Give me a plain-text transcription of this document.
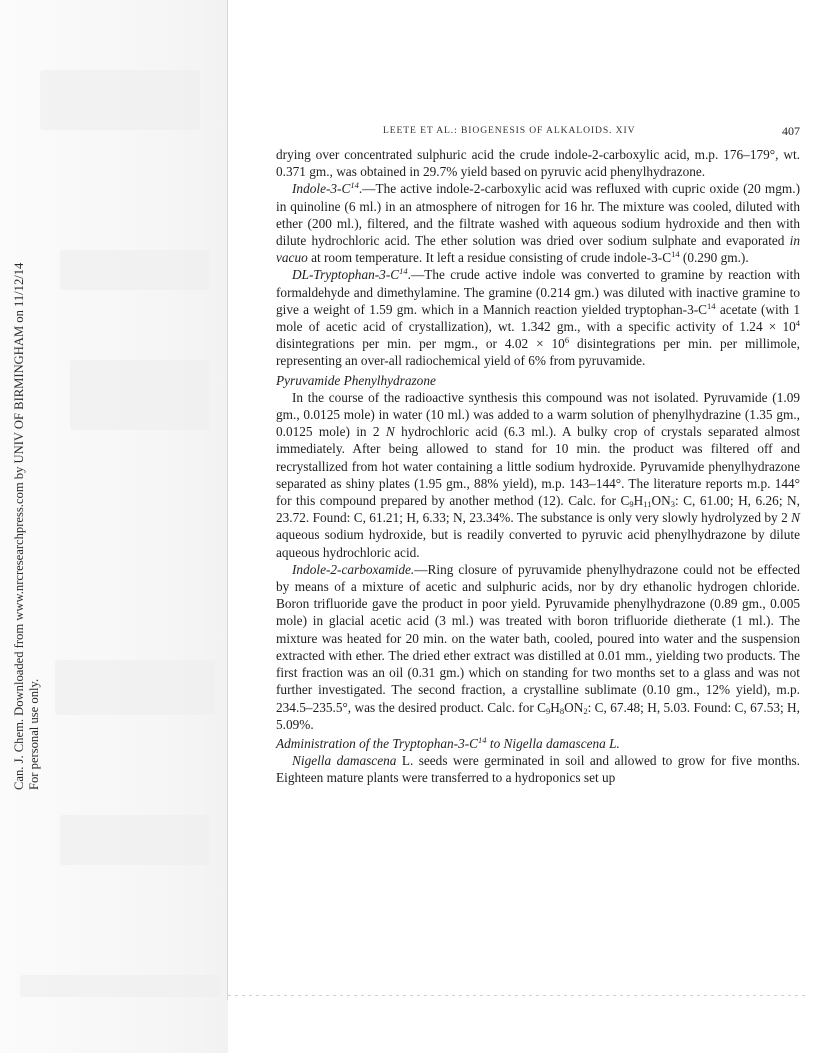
Can. J. Chem. Downloaded from www.nrcresearchpress.com by UNIV OF BIRMINGHAM on 11/12/14 For personal use only.
LEETE ET AL.: BIOGENESIS OF ALKALOIDS. XIV	407

drying over concentrated sulphuric acid the crude indole-2-carboxylic acid, m.p. 176–179°, wt. 0.371 gm., was obtained in 29.7% yield based on pyruvic acid phenylhydrazone.

Indole-$3-C^{14}.—The$ active indole-2-carboxylic acid was refluxed with cupric oxide (20 mgm.) in quinoline (6 ml.) in an atmosphere of nitrogen for 16 hr. The mixture was cooled, diluted with ether (200 ml.), filtered, and the filtrate washed with aqueous sodium hydroxide and then with dilute hydrochloric acid. The ether solution was dried over sodium sulphate and evaporated in vacuo at room temperature. It left a residue consisting of crude indole-$3-C^{14}$ (0.290 gm.).

$DL-Tryptophan-3-C^{14}.—The$ crude active indole was converted to gramine by reaction with formaldehyde and dimethylamine. The gramine (0.214 gm.) was diluted with inactive gramine to give a weight of 1.59 gm. which in a Mannich reaction yielded tryptophan-$3-C^{14}$ acetate (with 1 mole of acetic acid of crystallization), wt. 1.342 gm., with a specific activity of $1.24 \times 10^4$ disintegrations per min. per mgm., or $4.02 \times 10^6$ disintegrations per min. per millimole, representing an over-all radiochemical yield of 6% from pyruvamide.

Pyruvamide Phenylhydrazone

In the course of the radioactive synthesis this compound was not isolated. Pyruvamide (1.09 gm., 0.0125 mole) in water (10 ml.) was added to a warm solution of phenylhydrazine (1.35 gm., 0.0125 mole) in 2 N hydrochloric acid (6.3 ml.). A bulky crop of crystals separated almost immediately. After being allowed to stand for 10 min. the product was filtered off and recrystallized from hot water containing a little sodium hydroxide. Pyruvamide phenylhydrazone separated as shiny plates (1.95 gm., 88% yield), m.p. 143–144°. The literature reports m.p. 144° for this compound prepared by another method (12). Calc. for $C_9H_{11}ON_3$: C, 61.00; H, 6.26; N, 23.72. Found: C, 61.21; H, 6.33; N, 23.34%. The substance is only very slowly hydrolyzed by 2 N aqueous sodium hydroxide, but is readily converted to pyruvic acid phenylhydrazone by dilute aqueous hydrochloric acid.

Indole-2-carboxamide.—Ring closure of pyruvamide phenylhydrazone could not be effected by means of a mixture of acetic and sulphuric acids, nor by dry ethanolic hydrogen chloride. Boron trifluoride gave the product in poor yield. Pyruvamide phenylhydrazone (0.89 gm., 0.005 mole) in glacial acetic acid (3 ml.) was treated with boron trifluoride dietherate (1 ml.). The mixture was heated for 20 min. on the water bath, cooled, poured into water and the suspension extracted with ether. The dried ether extract was distilled at 0.01 mm., yielding two products. The first fraction was an oil (0.31 gm.) which on standing for two months set to a glass and was not further investigated. The second fraction, a crystalline sublimate (0.10 gm., 12% yield), m.p. 234.5–235.5°, was the desired product. Calc. for $C_9H_8ON_2$: C, 67.48; H, 5.03. Found: C, 67.53; H, 5.09%.

Administration of the Tryptophan-$3-C^{14}$ to Nigella damascena L.

Nigella damascena L. seeds were germinated in soil and allowed to grow for five months. Eighteen mature plants were transferred to a hydroponics set up
